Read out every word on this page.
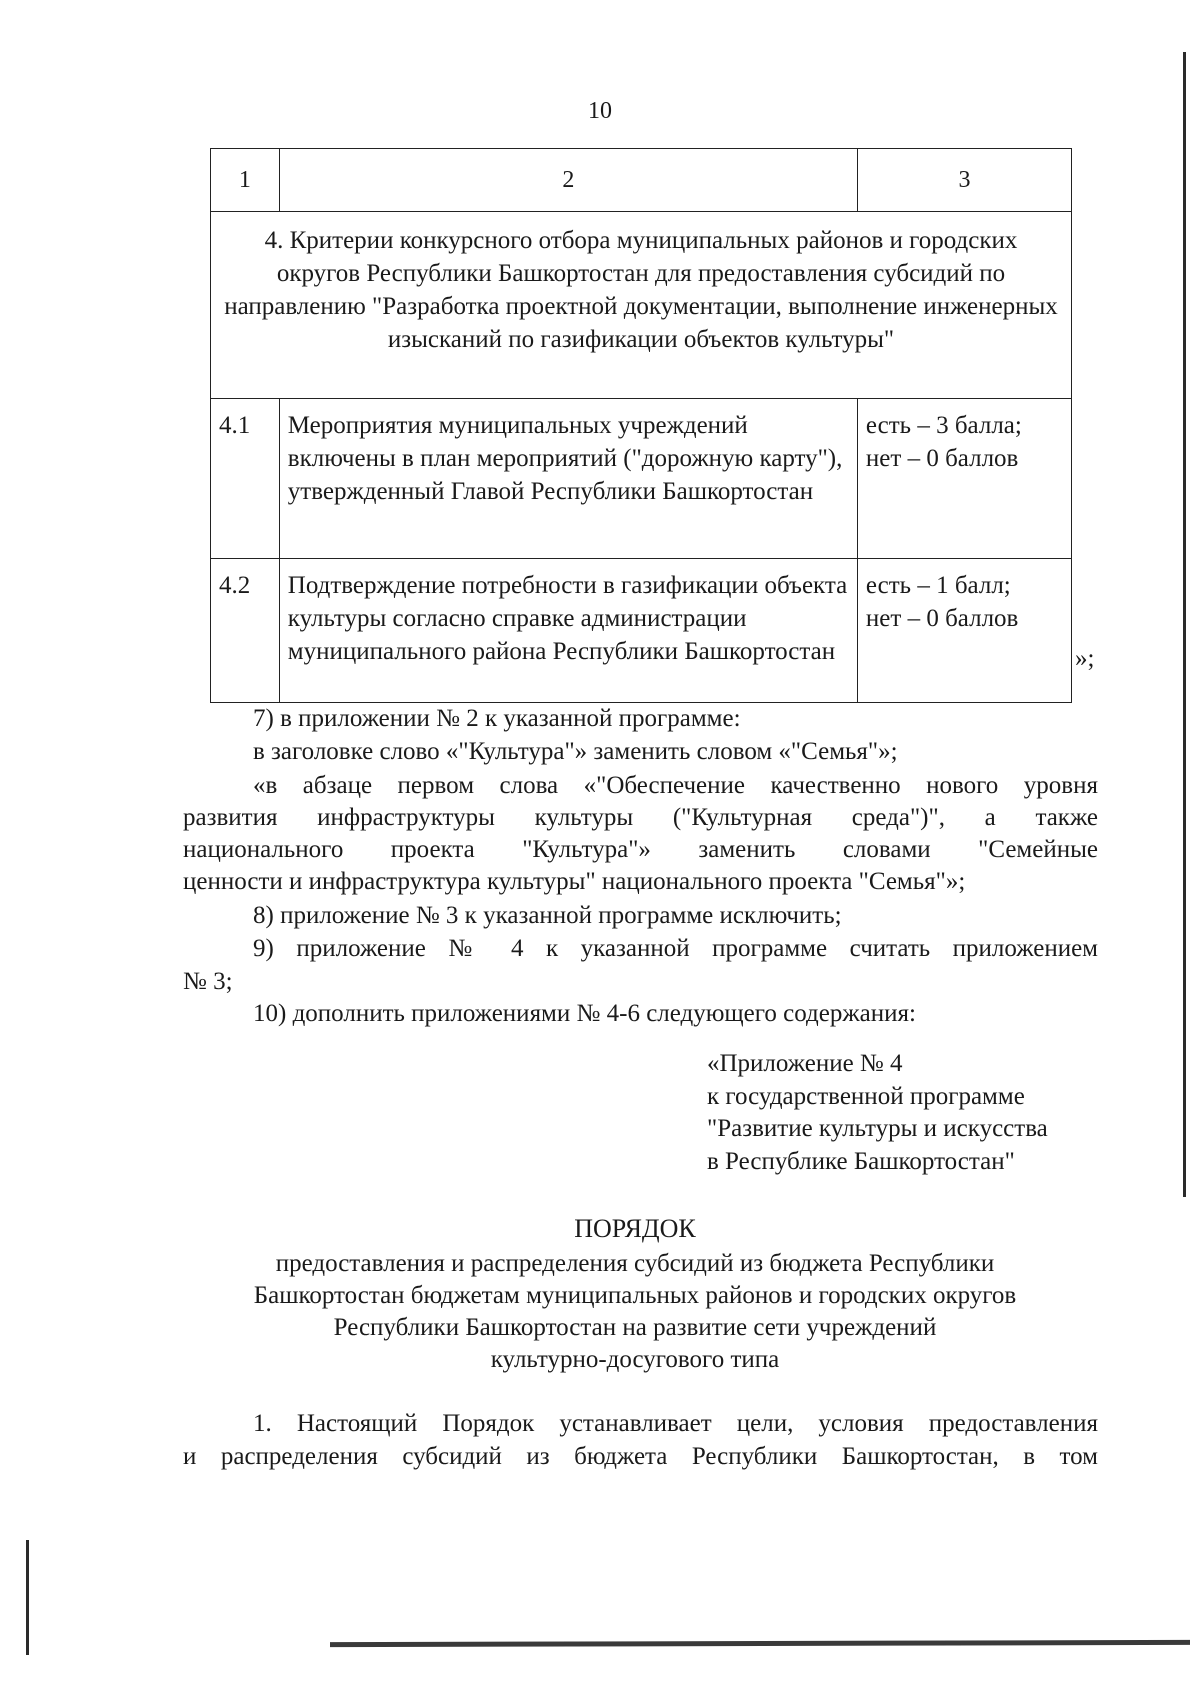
10
1	2	3
4. Критерии конкурсного отбора муниципальных районов и городских округов Республики Башкортостан для предоставления субсидий по направлению "Разработка проектной документации, выполнение инженерных изысканий по газификации объектов культуры"		
4.1	Мероприятия муниципальных учреждений включены в план мероприятий ("дорожную карту"), утвержденный Главой Республики Башкортостан	есть – 3 балла;
нет – 0 баллов

4.2	Подтверждение потребности в газификации объекта культуры согласно справке администрации муниципального района Республики Башкортостан	есть – 1 балл;
нет – 0 баллов
»;

7) в приложении № 2 к указанной программе:

в заголовке слово «"Культура"» заменить словом «"Семья"»;

«в абзаце первом слова «"Обеспечение качественно нового уровня

развития инфраструктуры культуры ("Культурная среда")", а также

национального проекта "Культура"» заменить словами "Семейные

ценности и инфраструктура культуры" национального проекта "Семья"»;

8) приложение № 3 к указанной программе исключить;

9) приложение № 4 к указанной программе считать приложением

№ 3;

10) дополнить приложениями № 4-6 следующего содержания:

«Приложение № 4
к государственной программе
"Развитие культуры и искусства
в Республике Башкортостан"
ПОРЯДОК
предоставления и распределения субсидий из бюджета Республики
Башкортостан бюджетам муниципальных районов и городских округов
Республики Башкортостан на развитие сети учреждений
культурно-досугового типа

1. Настоящий Порядок устанавливает цели, условия предоставления

и распределения субсидий из бюджета Республики Башкортостан, в том
